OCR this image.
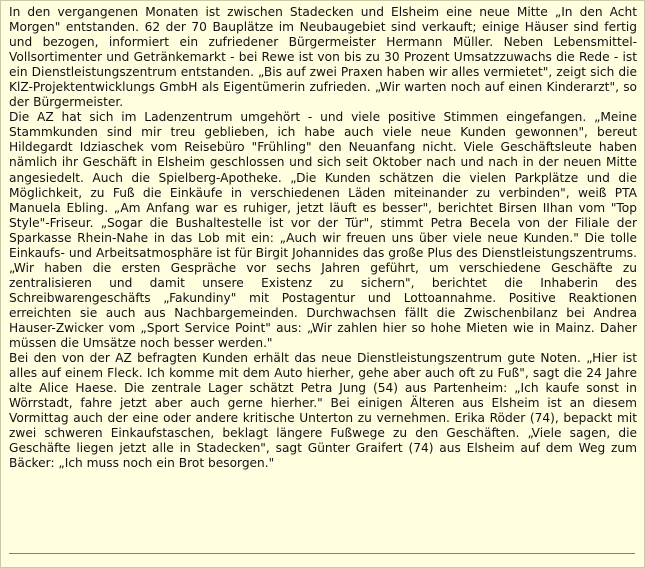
In den vergangenen Monaten ist zwischen Stadecken und Elsheim eine neue Mitte „In den Acht Morgen" entstanden. 62 der 70 Bauplätze im Neubaugebiet sind verkauft; einige Häuser sind fertig und bezogen, informiert ein zufriedener Bürgermeister Hermann Müller. Neben Lebensmittel-Vollsortimenter und Getränkemarkt - bei Rewe ist von bis zu 30 Prozent Umsatzzuwachs die Rede - ist ein Dienstleistungszentrum entstanden. „Bis auf zwei Praxen haben wir alles vermietet", zeigt sich die KlZ-Projektentwicklungs GmbH als Eigentümerin zufrieden. „Wir warten noch auf einen Kinderarzt", so der Bürgermeister.

Die AZ hat sich im Ladenzentrum umgehört - und viele positive Stimmen eingefangen. „Meine Stammkunden sind mir treu geblieben, ich habe auch viele neue Kunden gewonnen", bereut Hildegardt Idziaschek vom Reisebüro "Frühling" den Neuanfang nicht. Viele Geschäftsleute haben nämlich ihr Geschäft in Elsheim geschlossen und sich seit Oktober nach und nach in der neuen Mitte angesiedelt. Auch die Spielberg-Apotheke. „Die Kunden schätzen die vielen Parkplätze und die Möglichkeit, zu Fuß die Einkäufe in verschiedenen Läden miteinander zu verbinden", weiß PTA Manuela Ebling. „Am Anfang war es ruhiger, jetzt läuft es besser", berichtet Birsen IIhan vom "Top Style"-Friseur. „Sogar die Bushaltestelle ist vor der Tür", stimmt Petra Becela von der Filiale der Sparkasse Rhein-Nahe in das Lob mit ein: „Auch wir freuen uns über viele neue Kunden." Die tolle Einkaufs- und Arbeitsatmosphäre ist für Birgit Johannides das große Plus des Dienstleistungszentrums. „Wir haben die ersten Gespräche vor sechs Jahren geführt, um verschiedene Geschäfte zu zentralisieren und damit unsere Existenz zu sichern", berichtet die Inhaberin des Schreibwarengeschäfts „Fakundiny" mit Postagentur und Lottoannahme. Positive Reaktionen erreichten sie auch aus Nachbargemeinden. Durchwachsen fällt die Zwischenbilanz bei Andrea Hauser-Zwicker vom „Sport Service Point" aus: „Wir zahlen hier so hohe Mieten wie in Mainz. Daher müssen die Umsätze noch besser werden."

Bei den von der AZ befragten Kunden erhält das neue Dienstleistungszentrum gute Noten. „Hier ist alles auf einem Fleck. Ich komme mit dem Auto hierher, gehe aber auch oft zu Fuß", sagt die 24 Jahre alte Alice Haese. Die zentrale Lager schätzt Petra Jung (54) aus Partenheim: „Ich kaufe sonst in Wörrstadt, fahre jetzt aber auch gerne hierher." Bei einigen Älteren aus Elsheim ist an diesem Vormittag auch der eine oder andere kritische Unterton zu vernehmen. Erika Röder (74), bepackt mit zwei schweren Einkaufstaschen, beklagt längere Fußwege zu den Geschäften. „Viele sagen, die Geschäfte liegen jetzt alle in Stadecken", sagt Günter Graifert (74) aus Elsheim auf dem Weg zum Bäcker: „Ich muss noch ein Brot besorgen."
